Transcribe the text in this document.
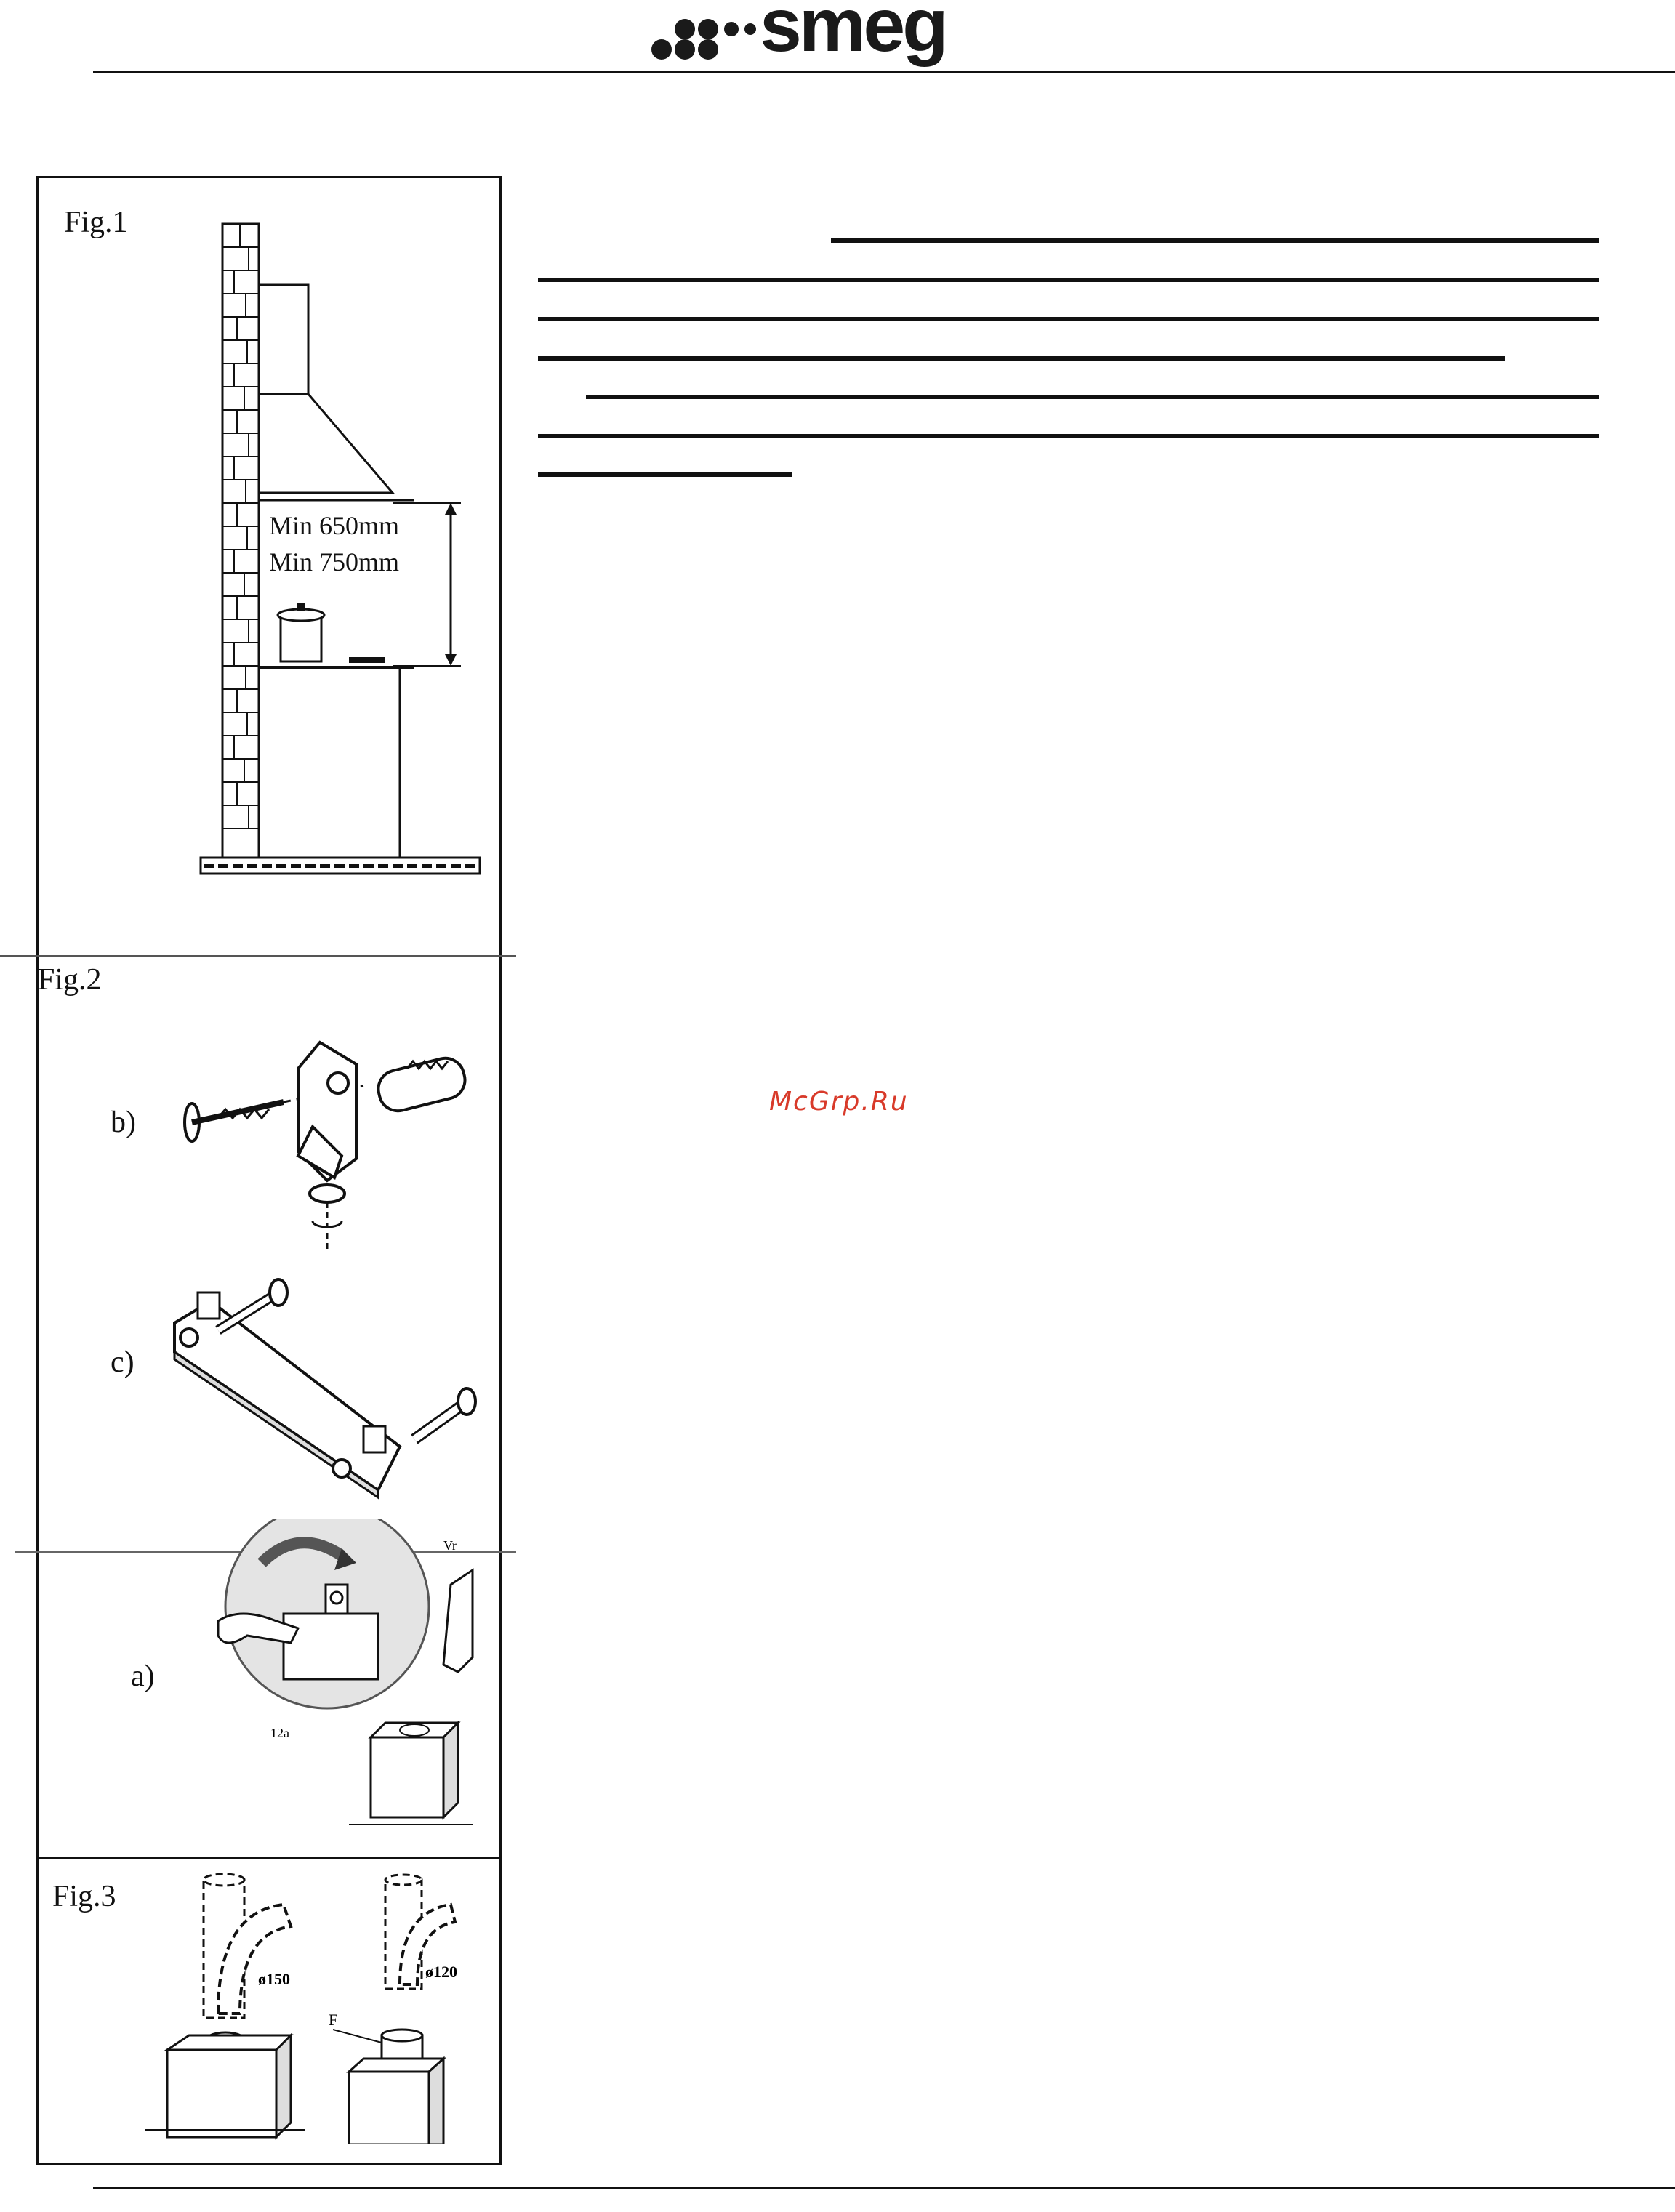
smeg
Fig.1
Min 650mm
Min 750mm
Fig.2
b)
c)
a)
Vr
12a
Fig.3
ø150	ø120
F
McGrp.Ru
